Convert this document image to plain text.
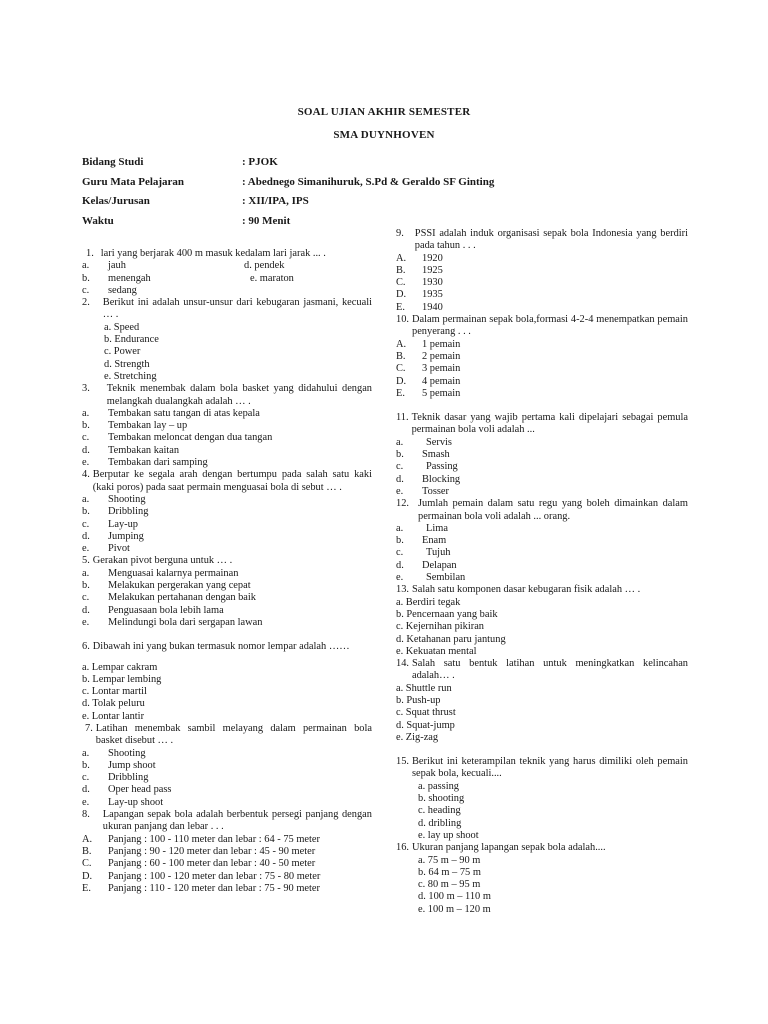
SOAL UJIAN AKHIR SEMESTER
SMA DUYNHOVEN
Bidang Studi	: PJOK
Guru Mata Pelajaran	: Abednego Simanihuruk, S.Pd & Geraldo SF Ginting
Kelas/Jurusan	: XII/IPA, IPS
Waktu	: 90 Menit
1. lari yang berjarak 400 m masuk kedalam lari jarak ... .
a.	jauh	d. pendek
b.	menengah	e. maraton
c.	sedang
2.	Berikut ini adalah unsur-unsur dari kebugaran jasmani, kecuali … .
a. Speed
b. Endurance
c. Power
d. Strength
e. Stretching
3.	Teknik menembak dalam bola basket yang didahului dengan melangkah dualangkah adalah … .
a.	Tembakan satu tangan di atas kepala
b.	Tembakan lay – up
c.	Tembakan meloncat dengan dua tangan
d.	Tembakan kaitan
e.	Tembakan dari samping
4. Berputar ke segala arah dengan bertumpu pada salah satu kaki (kaki poros) pada saat permain menguasai bola di sebut … .
a.	Shooting
b.	Dribbling
c.	Lay-up
d.	Jumping
e.	Pivot
5. Gerakan pivot berguna untuk … .
a.	Menguasai kalarnya permainan
b.	Melakukan pergerakan yang cepat
c.	Melakukan pertahanan dengan baik
d.	Penguasaan bola lebih lama
e.	Melindungi bola dari sergapan lawan
6. Dibawah ini yang bukan termasuk nomor lempar adalah ……
a. Lempar cakram
b. Lempar lembing
c. Lontar martil
d. Tolak peluru
e. Lontar lantir
7. Latihan menembak sambil melayang dalam permainan bola basket disebut … .
a.	Shooting
b.	Jump shoot
c.	Dribbling
d.	Oper head pass
e.	Lay-up shoot
8.	Lapangan sepak bola adalah berbentuk persegi panjang dengan ukuran panjang dan lebar . . .
A.	Panjang : 100 - 110 meter dan lebar : 64 - 75 meter
B.	Panjang : 90 - 120 meter dan lebar : 45 - 90 meter
C.	Panjang : 60 - 100 meter dan lebar : 40 - 50 meter
D.	Panjang : 100 - 120 meter dan lebar : 75 - 80 meter
E.	Panjang : 110 - 120 meter dan lebar : 75 - 90 meter
9.	PSSI adalah induk organisasi sepak bola Indonesia yang berdiri pada tahun . . .
A.	1920
B.	1925
C.	1930
D.	1935
E.	1940
10. Dalam permainan sepak bola,formasi 4-2-4 menempatkan pemain penyerang . . .
A.	1 pemain
B.	2 pemain
C.	3 pemain
D.	4 pemain
E.	5 pemain
11. Teknik dasar yang wajib pertama kali dipelajari sebagai pemula permainan bola voli adalah ...
a.	Servis
b.	Smash
c.	Passing
d.	Blocking
e.	Tosser
12. Jumlah pemain dalam satu regu yang boleh dimainkan dalam permainan bola voli adalah ... orang.
a.	Lima
b.	Enam
c.	Tujuh
d.	Delapan
e.	Sembilan
13. Salah satu komponen dasar kebugaran fisik adalah … .
a. Berdiri tegak
b. Pencernaan yang baik
c. Kejernihan pikiran
d. Ketahanan paru jantung
e. Kekuatan mental
14. Salah satu bentuk latihan untuk meningkatkan kelincahan adalah… .
a. Shuttle run
b. Push-up
c. Squat thrust
d. Squat-jump
e. Zig-zag
15. Berikut ini keterampilan teknik yang harus dimiliki oleh pemain sepak bola, kecuali....
a. passing
b. shooting
c. heading
d. dribling
e. lay up shoot
16. Ukuran panjang lapangan sepak bola adalah....
a. 75 m – 90 m
b. 64 m – 75 m
c. 80 m – 95 m
d. 100 m – 110 m
e. 100 m – 120 m
